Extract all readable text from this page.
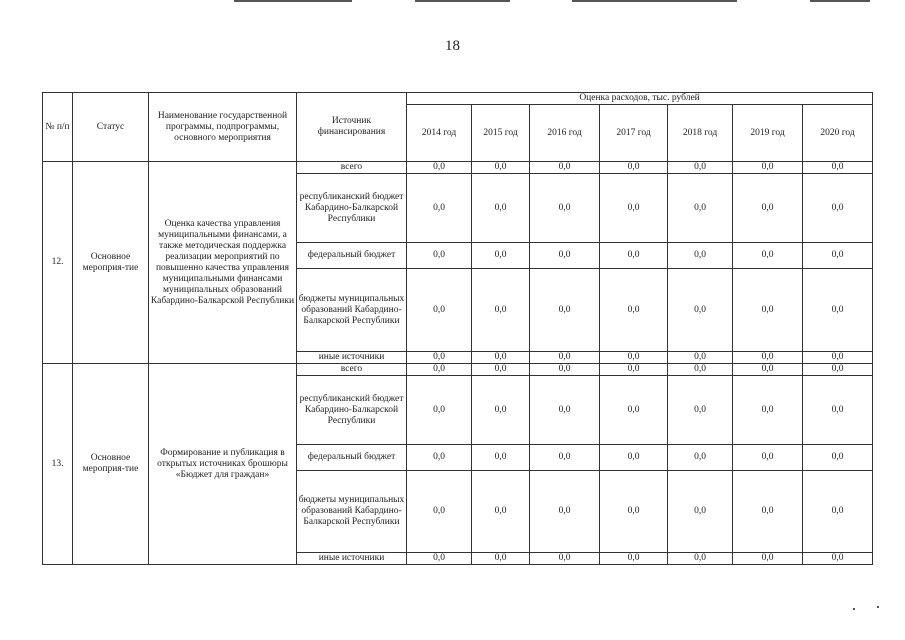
18
№ п/п	Статус	Наименование государственной программы, подпрограммы, основного мероприятия	Источник финансирования	Оценка расходов, тыс. рублей						
				2014 год	2015 год	2016 год	2017 год	2018 год	2019 год	2020 год
12.	Основное мероприя-тие	Оценка качества управления муниципальными финансами, а также методическая поддержка реализации мероприятий по повышенно качества управления муниципальными финансами муниципальных образований Кабардино-Балкарской Республики	всего	0,0	0,0	0,0	0,0	0,0	0,0	0,0
			республиканский бюджет Кабардино-Балкарской Республики	0,0	0,0	0,0	0,0	0,0	0,0	0,0
			федеральный бюджет	0,0	0,0	0,0	0,0	0,0	0,0	0,0
			бюджеты муниципальных образований Кабардино-Балкарской Республики	0,0	0,0	0,0	0,0	0,0	0,0	0,0
			иные источники	0,0	0,0	0,0	0,0	0,0	0,0	0,0
13.	Основное мероприя-тие	Формирование и публикация в открытых источниках брошюры «Бюджет для граждан»	всего	0,0	0,0	0,0	0,0	0,0	0,0	0,0
			республиканский бюджет Кабардино-Балкарской Республики	0,0	0,0	0,0	0,0	0,0	0,0	0,0
			федеральный бюджет	0,0	0,0	0,0	0,0	0,0	0,0	0,0
			бюджеты муниципальных образований Кабардино-Балкарской Республики	0,0	0,0	0,0	0,0	0,0	0,0	0,0
			иные источники	0,0	0,0	0,0	0,0	0,0	0,0	0,0
